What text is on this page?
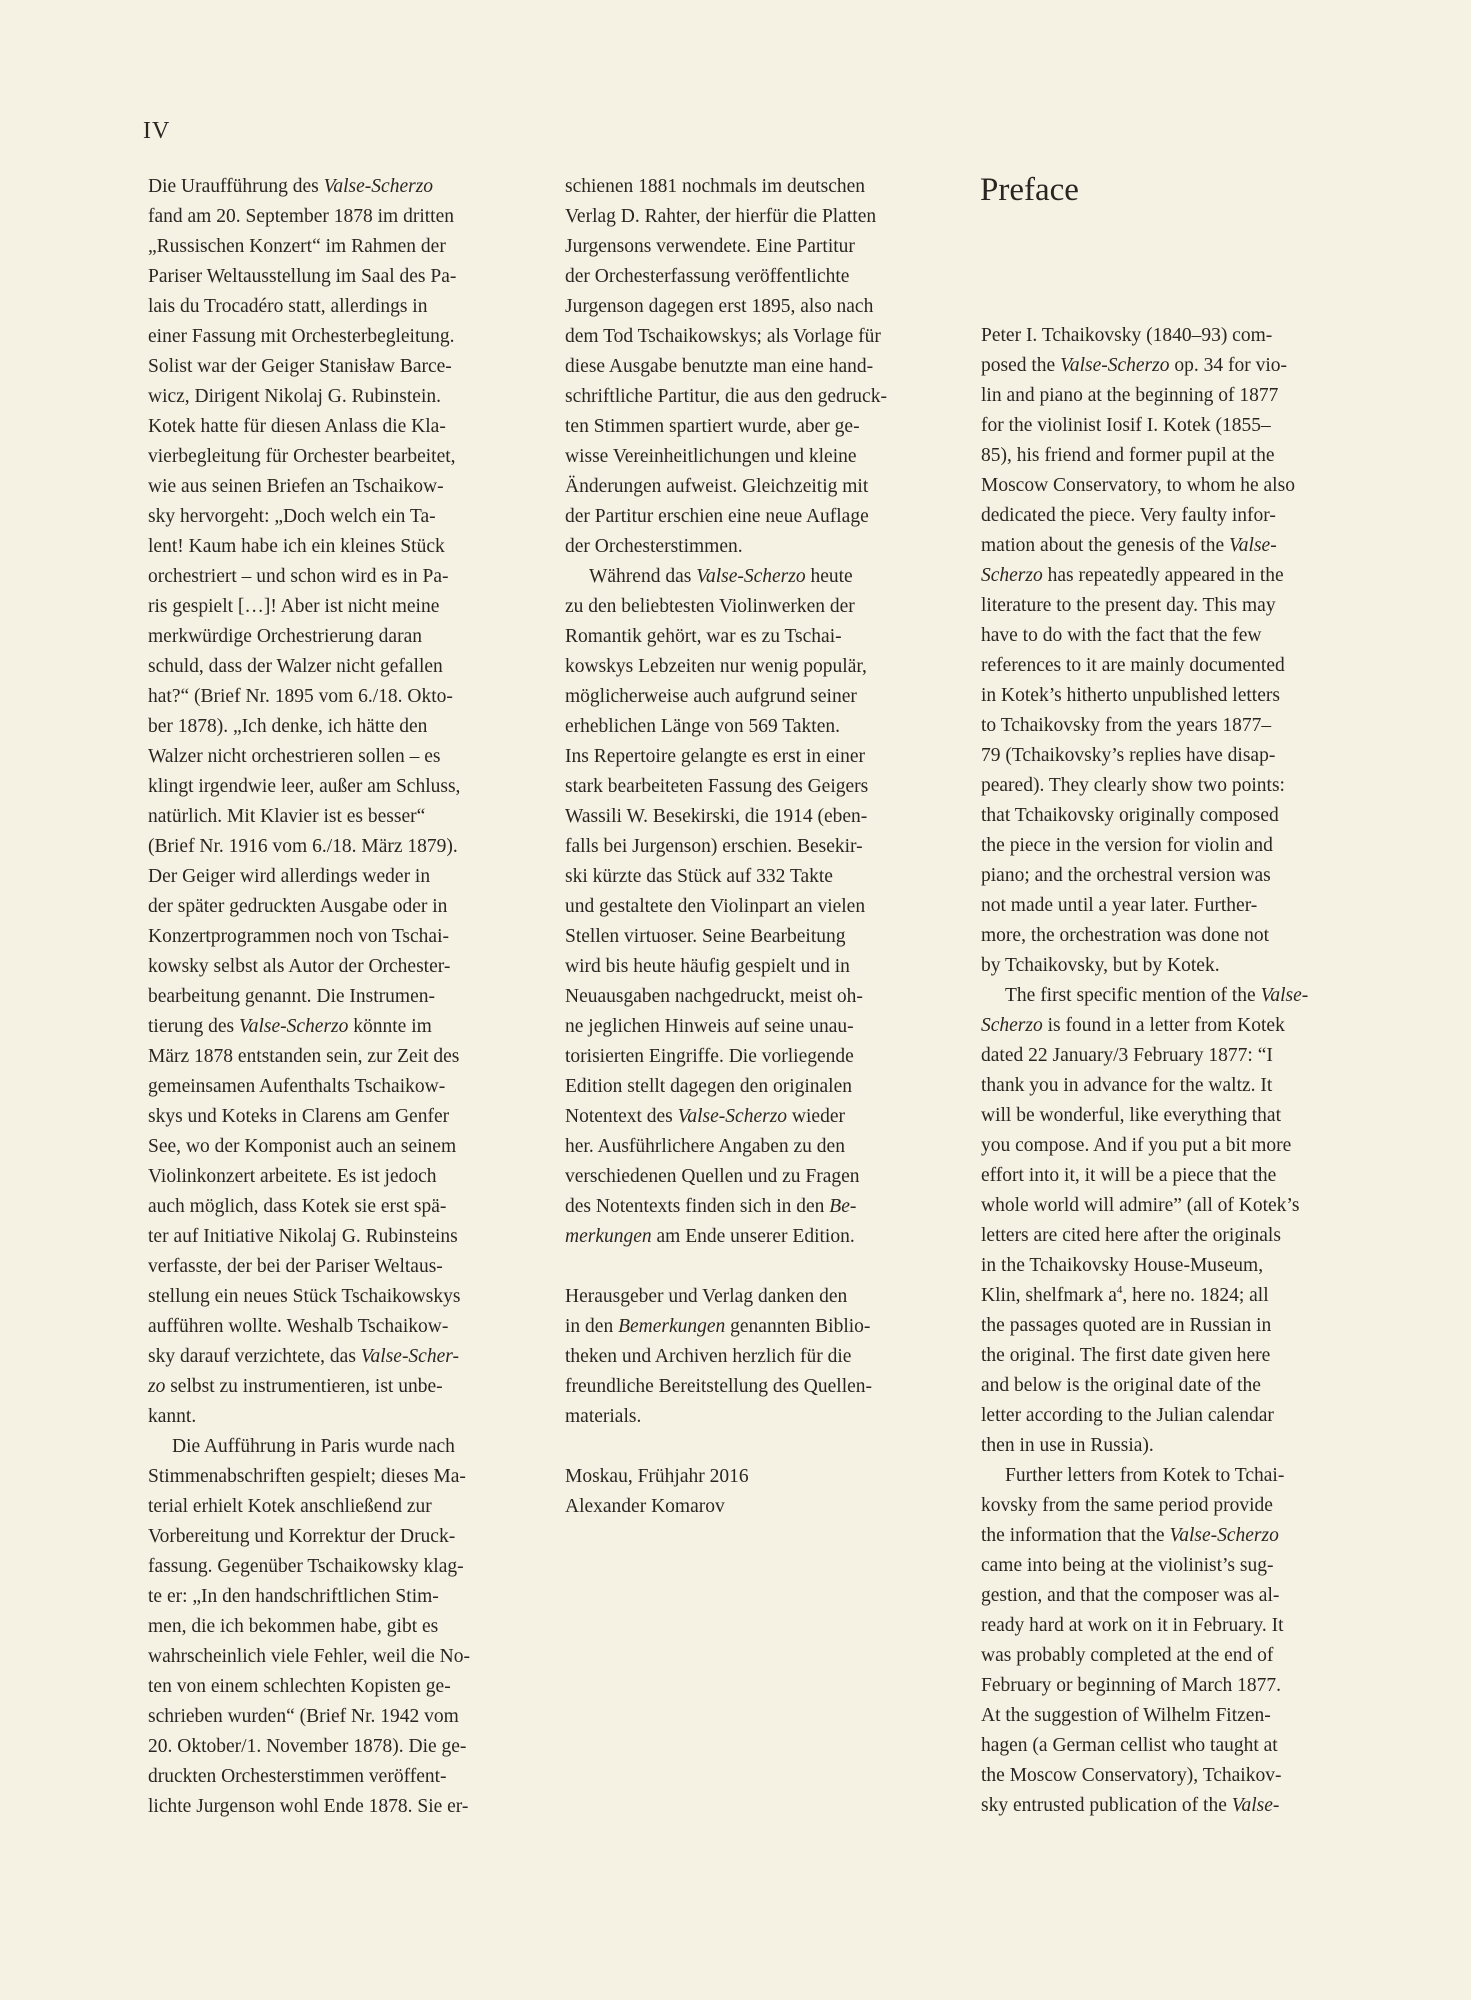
IV
Die Uraufführung des Valse-Scherzo
fand am 20. September 1878 im dritten
„Russischen Konzert“ im Rahmen der
Pariser Weltausstellung im Saal des Pa-
lais du Trocadéro statt, allerdings in
einer Fassung mit Orchesterbegleitung.
Solist war der Geiger Stanisław Barce-
wicz, Dirigent Nikolaj G. Rubinstein.
Kotek hatte für diesen Anlass die Kla-
vierbegleitung für Orchester bearbeitet,
wie aus seinen Briefen an Tschaikow-
sky hervorgeht: „Doch welch ein Ta-
lent! Kaum habe ich ein kleines Stück
orchestriert – und schon wird es in Pa-
ris gespielt […]! Aber ist nicht meine
merkwürdige Orchestrierung daran
schuld, dass der Walzer nicht gefallen
hat?“ (Brief Nr. 1895 vom 6./18. Okto-
ber 1878). „Ich denke, ich hätte den
Walzer nicht orchestrieren sollen – es
klingt irgendwie leer, außer am Schluss,
natürlich. Mit Klavier ist es besser“
(Brief Nr. 1916 vom 6./18. März 1879).
Der Geiger wird allerdings weder in
der später gedruckten Ausgabe oder in
Konzertprogrammen noch von Tschai-
kowsky selbst als Autor der Orchester-
bearbeitung genannt. Die Instrumen-
tierung des Valse-Scherzo könnte im
März 1878 entstanden sein, zur Zeit des
gemeinsamen Aufenthalts Tschaikow-
skys und Koteks in Clarens am Genfer
See, wo der Komponist auch an seinem
Violinkonzert arbeitete. Es ist jedoch
auch möglich, dass Kotek sie erst spä-
ter auf Initiative Nikolaj G. Rubinsteins
verfasste, der bei der Pariser Weltaus-
stellung ein neues Stück Tschaikowskys
aufführen wollte. Weshalb Tschaikow-
sky darauf verzichtete, das Valse-Scher-
zo selbst zu instrumentieren, ist unbe-
kannt.
Die Aufführung in Paris wurde nach
Stimmenabschriften gespielt; dieses Ma-
terial erhielt Kotek anschließend zur
Vorbereitung und Korrektur der Druck-
fassung. Gegenüber Tschaikowsky klag-
te er: „In den handschriftlichen Stim-
men, die ich bekommen habe, gibt es
wahrscheinlich viele Fehler, weil die No-
ten von einem schlechten Kopisten ge-
schrieben wurden“ (Brief Nr. 1942 vom
20. Oktober/1. November 1878). Die ge-
druckten Orchesterstimmen veröffent-
lichte Jurgenson wohl Ende 1878. Sie er-
schienen 1881 nochmals im deutschen
Verlag D. Rahter, der hierfür die Platten
Jurgensons verwendete. Eine Partitur
der Orchesterfassung veröffentlichte
Jurgenson dagegen erst 1895, also nach
dem Tod Tschaikowskys; als Vorlage für
diese Ausgabe benutzte man eine hand-
schriftliche Partitur, die aus den gedruck-
ten Stimmen spartiert wurde, aber ge-
wisse Vereinheitlichungen und kleine
Änderungen aufweist. Gleichzeitig mit
der Partitur erschien eine neue Auflage
der Orchesterstimmen.
Während das Valse-Scherzo heute
zu den beliebtesten Violinwerken der
Romantik gehört, war es zu Tschai-
kowskys Lebzeiten nur wenig populär,
möglicherweise auch aufgrund seiner
erheblichen Länge von 569 Takten.
Ins Repertoire gelangte es erst in einer
stark bearbeiteten Fassung des Geigers
Wassili W. Besekirski, die 1914 (eben-
falls bei Jurgenson) erschien. Besekir-
ski kürzte das Stück auf 332 Takte
und gestaltete den Violinpart an vielen
Stellen virtuoser. Seine Bearbeitung
wird bis heute häufig gespielt und in
Neuausgaben nachgedruckt, meist oh-
ne jeglichen Hinweis auf seine unau-
torisierten Eingriffe. Die vorliegende
Edition stellt dagegen den originalen
Notentext des Valse-Scherzo wieder
her. Ausführlichere Angaben zu den
verschiedenen Quellen und zu Fragen
des Notentexts finden sich in den Be-
merkungen am Ende unserer Edition.

Herausgeber und Verlag danken den
in den Bemerkungen genannten Biblio-
theken und Archiven herzlich für die
freundliche Bereitstellung des Quellen-
materials.

Moskau, Frühjahr 2016
Alexander Komarov
Preface
Peter I. Tchaikovsky (1840–93) com-
posed the Valse-Scherzo op. 34 for vio-
lin and piano at the beginning of 1877
for the violinist Iosif I. Kotek (1855–
85), his friend and former pupil at the
Moscow Conservatory, to whom he also
dedicated the piece. Very faulty infor-
mation about the genesis of the Valse-
Scherzo has repeatedly appeared in the
literature to the present day. This may
have to do with the fact that the few
references to it are mainly documented
in Kotek’s hitherto unpublished letters
to Tchaikovsky from the years 1877–
79 (Tchaikovsky’s replies have disap-
peared). They clearly show two points:
that Tchaikovsky originally composed
the piece in the version for violin and
piano; and the orchestral version was
not made until a year later. Further-
more, the orchestration was done not
by Tchaikovsky, but by Kotek.
The first specific mention of the Valse-
Scherzo is found in a letter from Kotek
dated 22 January/3 February 1877: “I
thank you in advance for the waltz. It
will be wonderful, like everything that
you compose. And if you put a bit more
effort into it, it will be a piece that the
whole world will admire” (all of Kotek’s
letters are cited here after the originals
in the Tchaikovsky House-Museum,
Klin, shelfmark $a^4$, here no. 1824; all
the passages quoted are in Russian in
the original. The first date given here
and below is the original date of the
letter according to the Julian calendar
then in use in Russia).
Further letters from Kotek to Tchai-
kovsky from the same period provide
the information that the Valse-Scherzo
came into being at the violinist’s sug-
gestion, and that the composer was al-
ready hard at work on it in February. It
was probably completed at the end of
February or beginning of March 1877.
At the suggestion of Wilhelm Fitzen-
hagen (a German cellist who taught at
the Moscow Conservatory), Tchaikov-
sky entrusted publication of the Valse-
